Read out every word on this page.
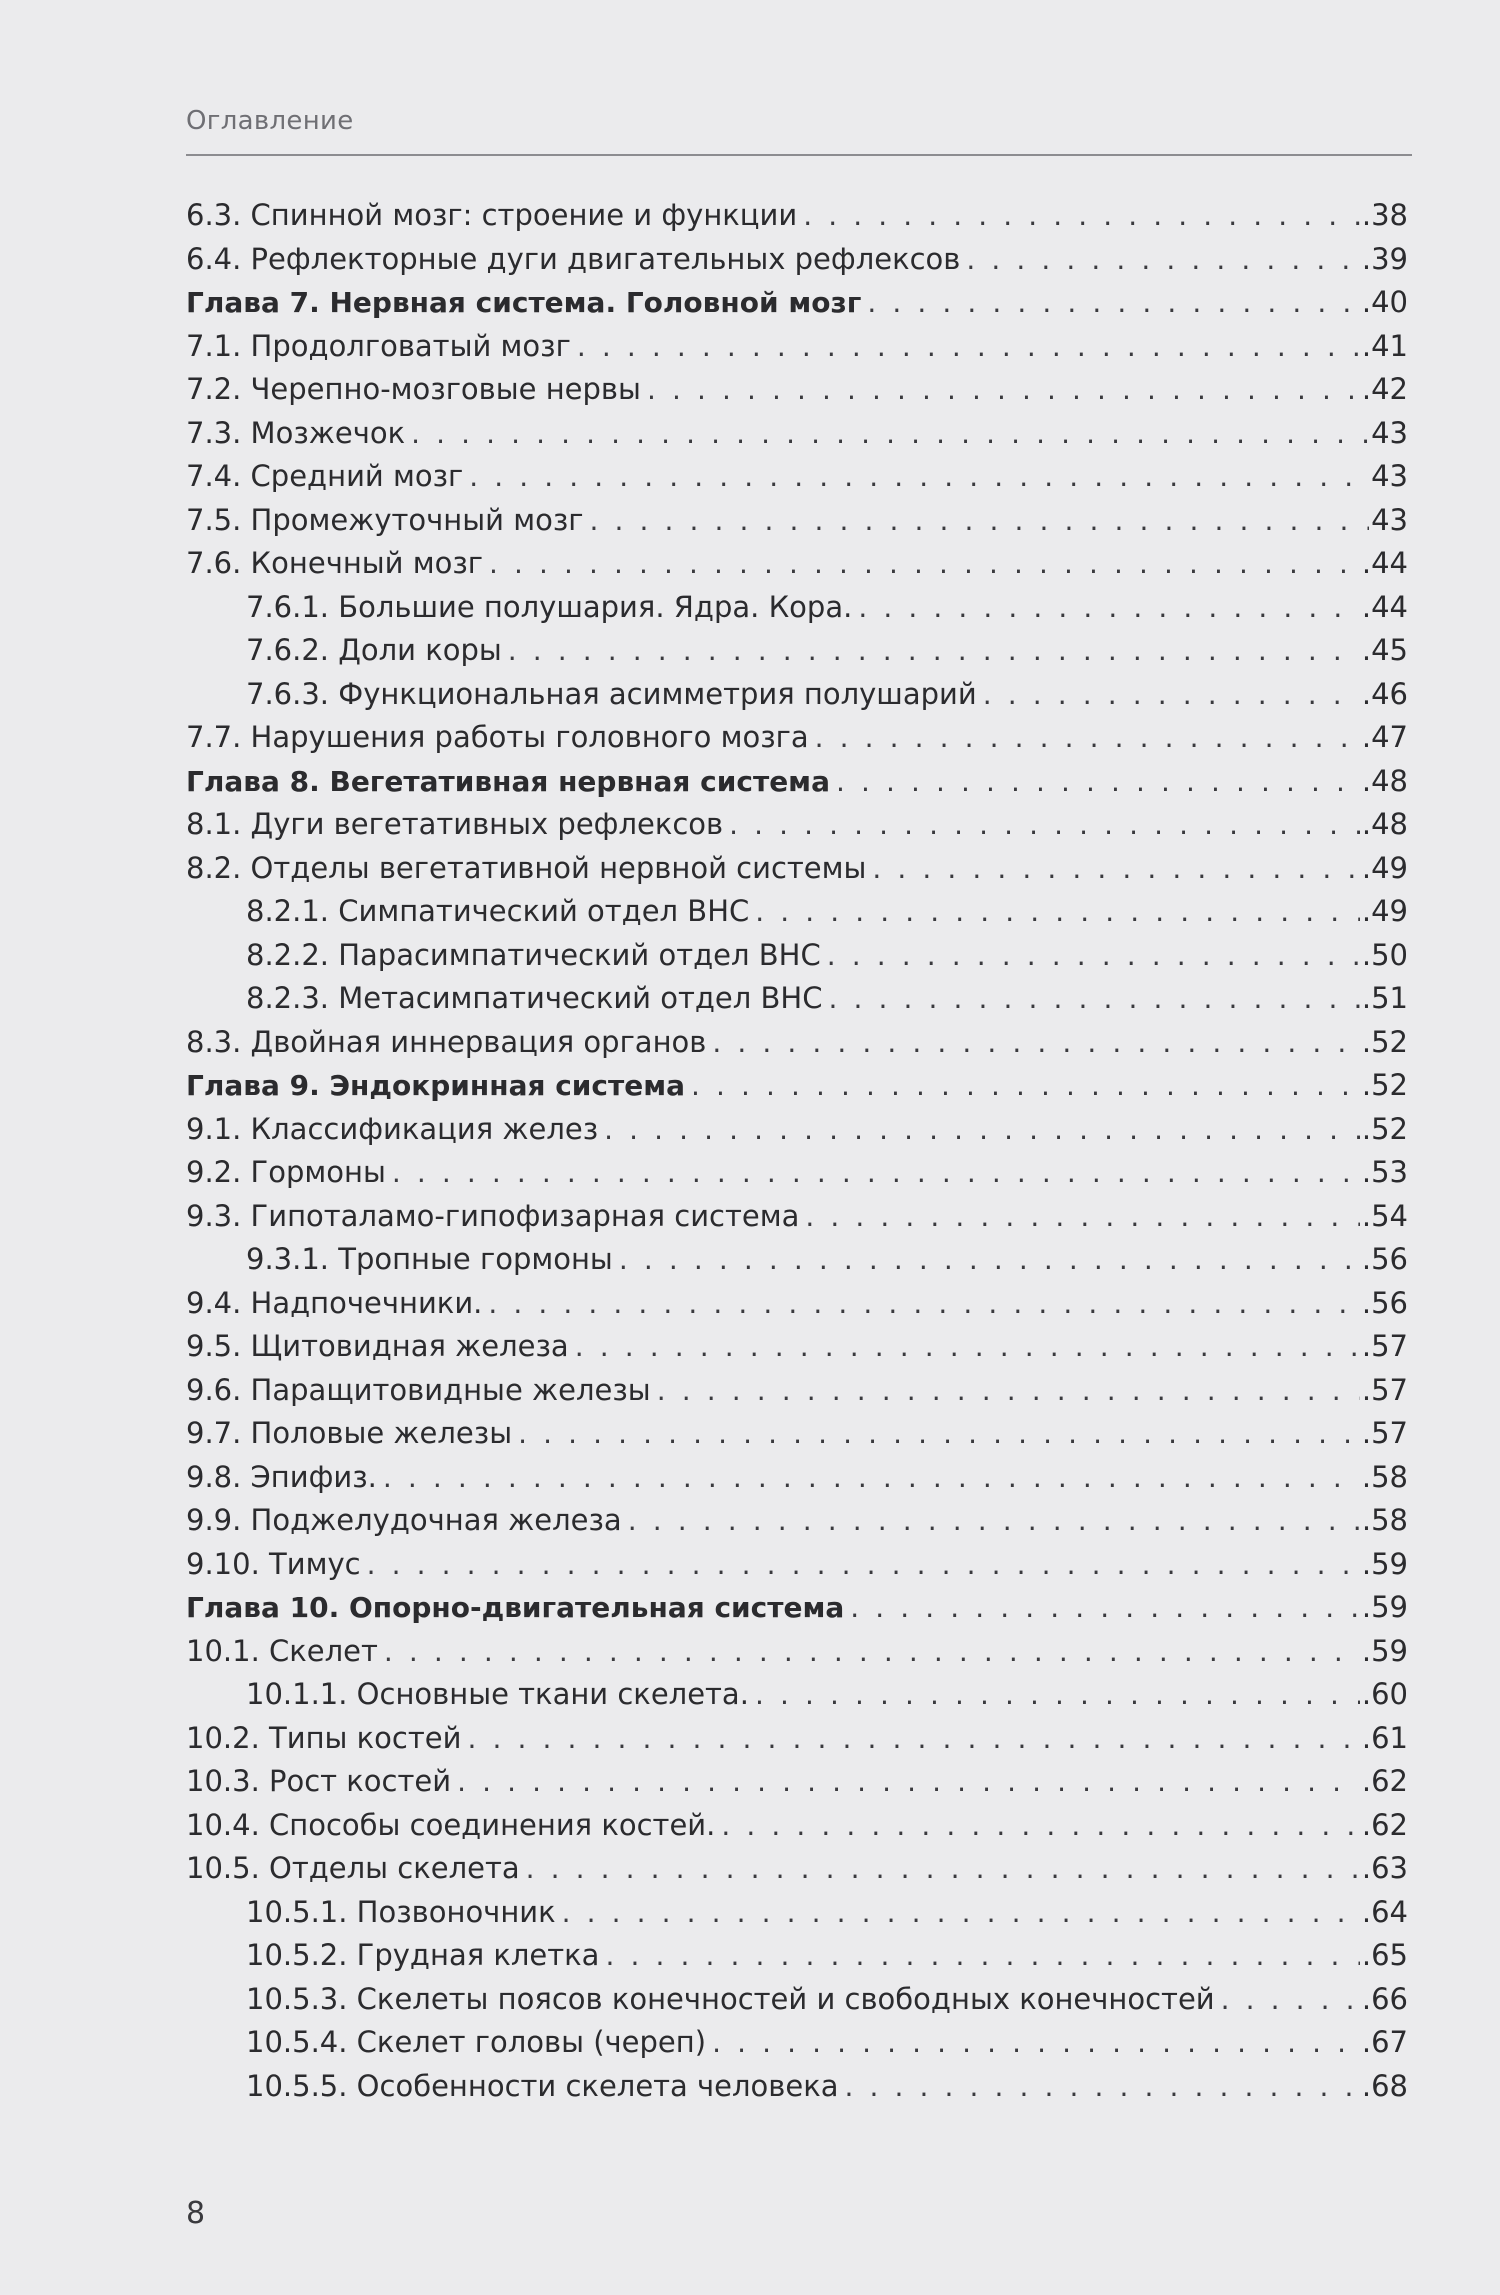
Оглавление
6.3. Спинной мозг: строение и функции . . .	.38
6.4. Рефлекторные дуги двигательных рефлексов . . .	.39
Глава 7. Нервная система. Головной мозг . . .	.40
7.1. Продолговатый мозг . . .	.41
7.2. Черепно-мозговые нервы . . .	.42
7.3. Мозжечок . . .	43
7.4. Средний мозг . . .	43
7.5. Промежуточный мозг . . .	43
7.6. Конечный мозг . . .	.44
7.6.1. Большие полушария. Ядра. Кора. . . .	.44
7.6.2. Доли коры . . .	.45
7.6.3. Функциональная асимметрия полушарий . . .	.46
7.7. Нарушения работы головного мозга . . .	.47
Глава 8. Вегетативная нервная система . . .	.48
8.1. Дуги вегетативных рефлексов . . .	.48
8.2. Отделы вегетативной нервной системы . . .	.49
8.2.1. Симпатический отдел ВНС . . .	.49
8.2.2. Парасимпатический отдел ВНС . . .	.50
8.2.3. Метасимпатический отдел ВНС . . .	.51
8.3. Двойная иннервация органов . . .	.52
Глава 9. Эндокринная система . . .	.52
9.1. Классификация желез . . .	.52
9.2. Гормоны . . .	.53
9.3. Гипоталамо-гипофизарная система . . .	.54
9.3.1. Тропные гормоны . . .	.56
9.4. Надпочечники. . . .	.56
9.5. Щитовидная железа . . .	.57
9.6. Паращитовидные железы . . .	.57
9.7. Половые железы . . .	.57
9.8. Эпифиз. . . .	.58
9.9. Поджелудочная железа . . .	.58
9.10. Тимус . . .	.59
Глава 10. Опорно-двигательная система . . .	.59
10.1. Скелет . . .	.59
10.1.1. Основные ткани скелета. . . .	.60
10.2. Типы костей . . .	.61
10.3. Рост костей . . .	.62
10.4. Способы соединения костей. . . .	.62
10.5. Отделы скелета . . .	.63
10.5.1. Позвоночник . . .	.64
10.5.2. Грудная клетка . . .	.65
10.5.3. Скелеты поясов конечностей и свободных конечностей . . .	.66
10.5.4. Скелет головы (череп) . . .	.67
10.5.5. Особенности скелета человека . . .	.68
8
